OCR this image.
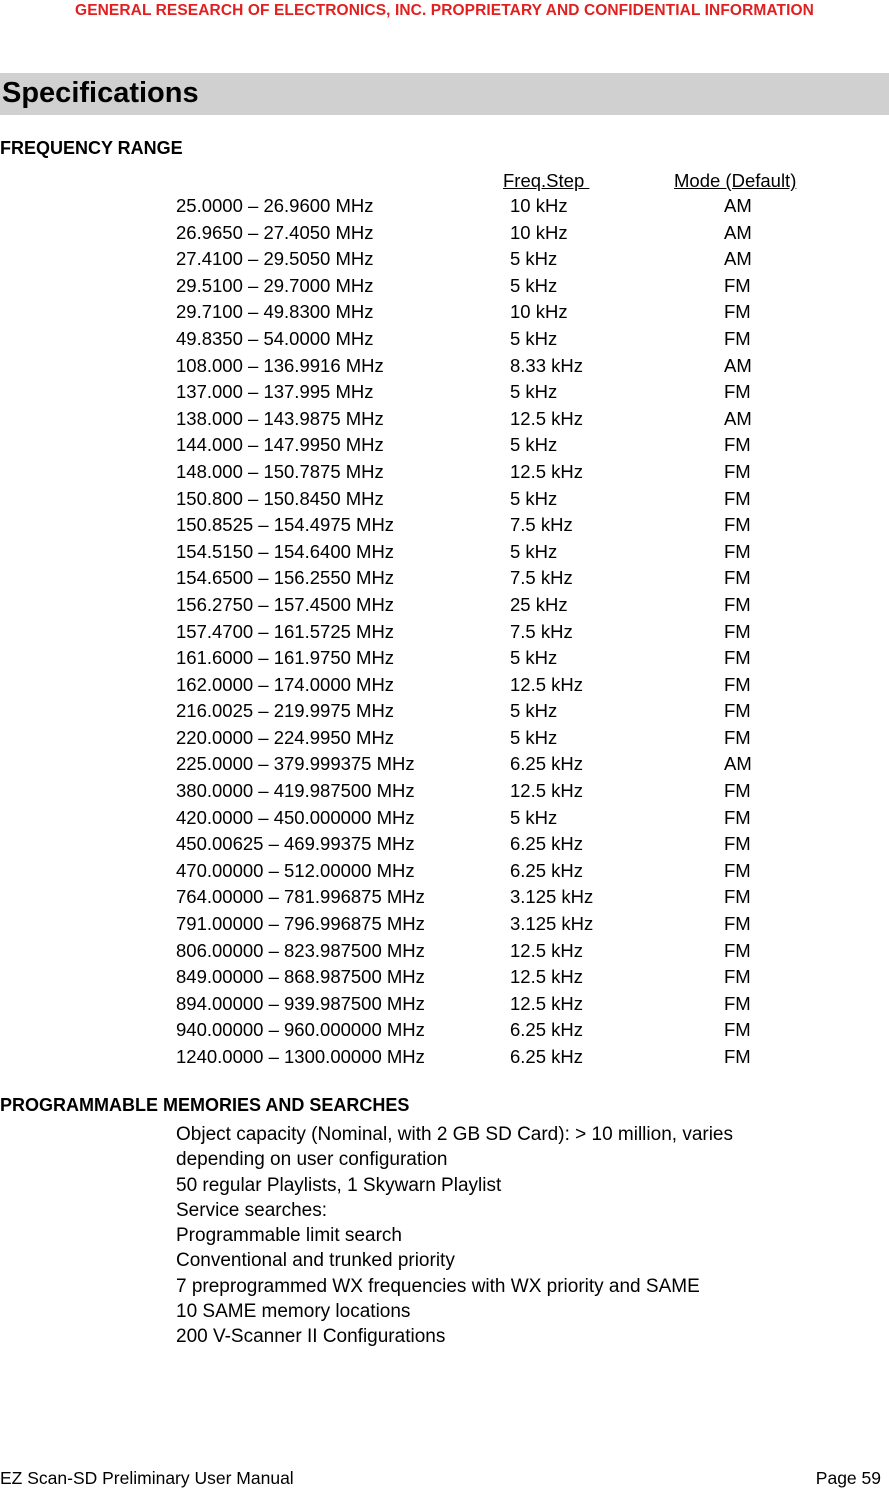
GENERAL RESEARCH OF ELECTRONICS, INC. PROPRIETARY AND CONFIDENTIAL INFORMATION
Specifications
FREQUENCY RANGE
Freq.Step	Mode (Default)
25.0000 – 26.9600 MHz	10 kHz	AM
26.9650 – 27.4050 MHz	10 kHz	AM
27.4100 – 29.5050 MHz	5 kHz	AM
29.5100 – 29.7000 MHz	5 kHz	FM
29.7100 – 49.8300 MHz	10 kHz	FM
49.8350 – 54.0000 MHz	5 kHz	FM
108.000 – 136.9916 MHz	8.33 kHz	AM
137.000 – 137.995 MHz	5 kHz	FM
138.000 – 143.9875 MHz	12.5 kHz	AM
144.000 – 147.9950 MHz	5 kHz	FM
148.000 – 150.7875 MHz	12.5 kHz	FM
150.800 – 150.8450 MHz	5 kHz	FM
150.8525 – 154.4975 MHz	7.5 kHz	FM
154.5150 – 154.6400 MHz	5 kHz	FM
154.6500 – 156.2550 MHz	7.5 kHz	FM
156.2750 – 157.4500 MHz	25 kHz	FM
157.4700 – 161.5725 MHz	7.5 kHz	FM
161.6000 – 161.9750 MHz	5 kHz	FM
162.0000 – 174.0000 MHz	12.5 kHz	FM
216.0025 – 219.9975 MHz	5 kHz	FM
220.0000 – 224.9950 MHz	5 kHz	FM
225.0000 – 379.999375 MHz	6.25 kHz	AM
380.0000 – 419.987500 MHz	12.5 kHz	FM
420.0000 – 450.000000 MHz	5 kHz	FM
450.00625 – 469.99375 MHz	6.25 kHz	FM
470.00000 – 512.00000 MHz	6.25 kHz	FM
764.00000 – 781.996875 MHz	3.125 kHz	FM
791.00000 – 796.996875 MHz	3.125 kHz	FM
806.00000 – 823.987500 MHz	12.5 kHz	FM
849.00000 – 868.987500 MHz	12.5 kHz	FM
894.00000 – 939.987500 MHz	12.5 kHz	FM
940.00000 – 960.000000 MHz	6.25 kHz	FM
1240.0000 – 1300.00000 MHz	6.25 kHz	FM
PROGRAMMABLE MEMORIES AND SEARCHES
Object capacity (Nominal, with 2 GB SD Card): > 10 million, varies
depending on user configuration
50 regular Playlists, 1 Skywarn Playlist
Service searches:
Programmable limit search
Conventional and trunked priority
7 preprogrammed WX frequencies with WX priority and SAME
10 SAME memory locations
200 V-Scanner II Configurations
EZ Scan-SD Preliminary User Manual	Page 59
